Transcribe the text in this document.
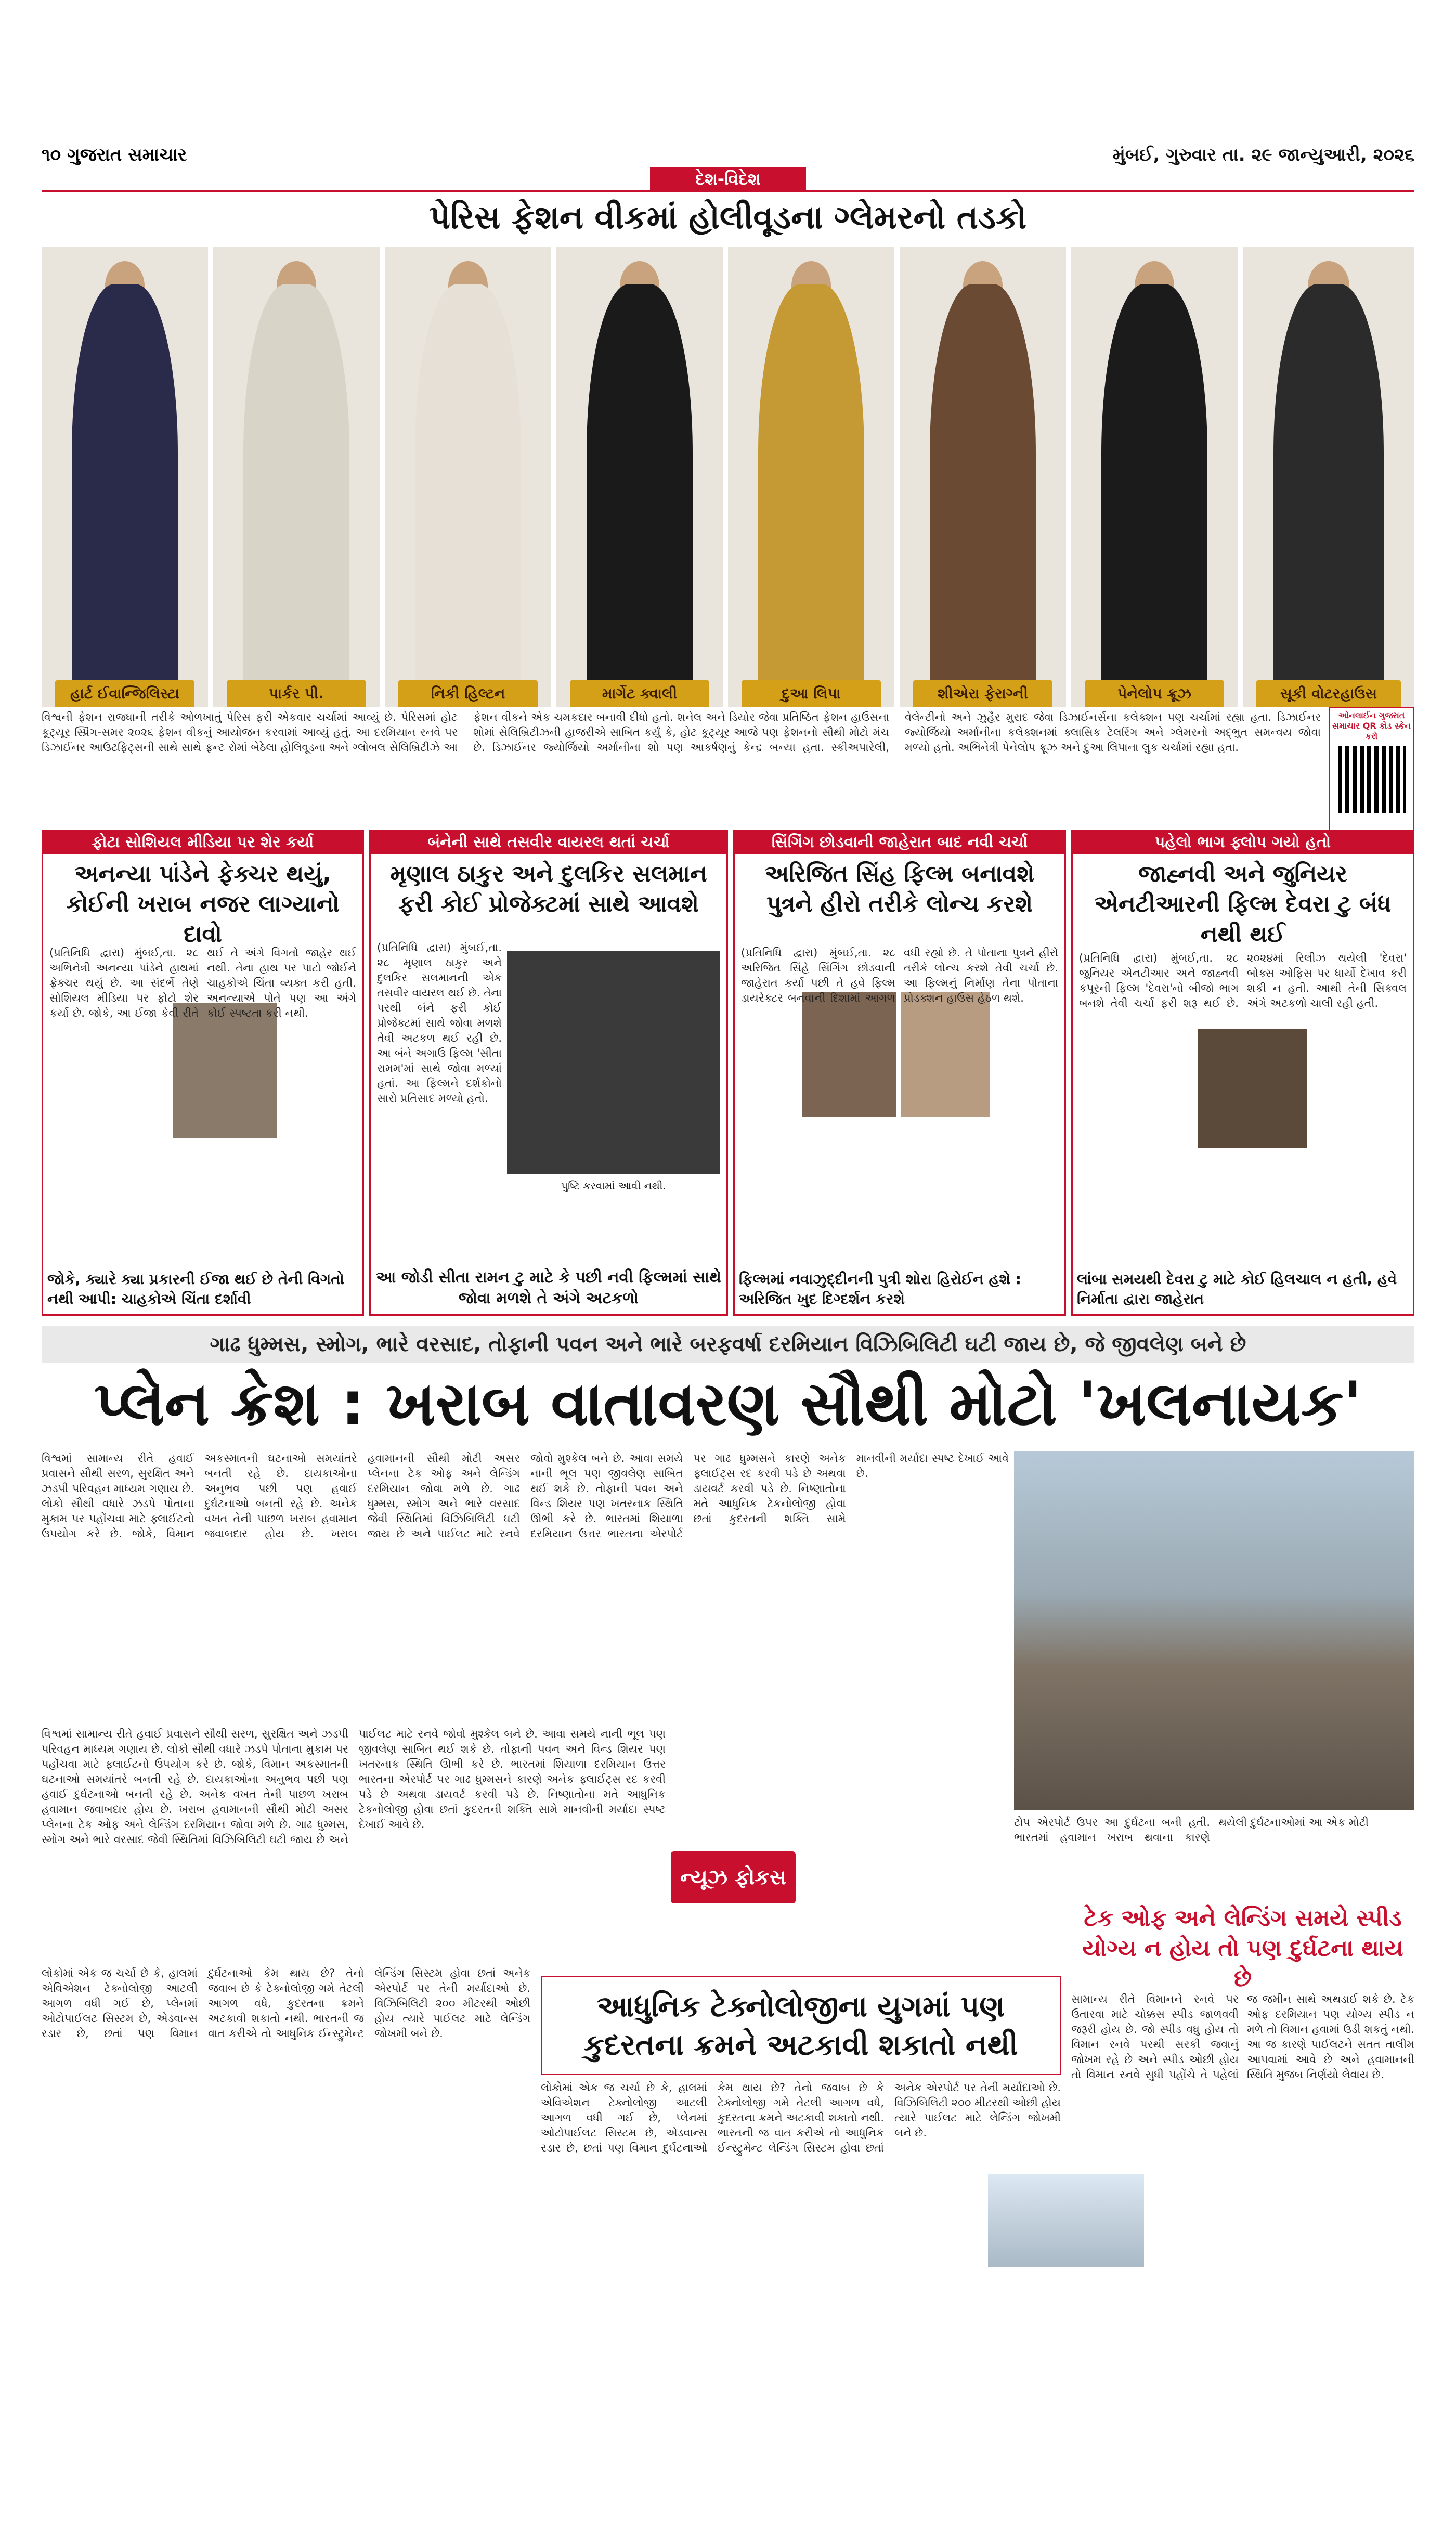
૧૦ ગુજરાત સમાચાર	મુંબઈ, ગુરુવાર તા. ૨૯ જાન્યુઆરી, ૨૦૨૬
દેશ-વિદેશ
પેરિસ ફેશન વીકમાં હોલીવૂડના ગ્લેમરનો તડકો
હાર્ટ ઈવાન્જિલિસ્ટા	પાર્કર પી.	નિકી હિલ્ટન	માર્ગેટ ક્વાલી	દુઆ લિપા	શીએરા ફેરાગ્ની	પેનેલોપ ક્રૂઝ	સૂકી વોટરહાઉસ
વિશ્વની ફેશન રાજધાની તરીકે ઓળખાતું પેરિસ ફરી એકવાર ચર્ચામાં આવ્યું છે. પેરિસમાં હોટ કૂટ્યૂર સ્પ્રિંગ-સમર ૨૦૨૬ ફેશન વીકનું આયોજન કરવામાં આવ્યું હતું. આ દરમિયાન રનવે પર ડિઝાઈનર આઉટફિટ્સની સાથે સાથે ફ્રન્ટ રોમાં બેઠેલા હોલિવૂડના અને ગ્લોબલ સેલિબ્રિટીઝે આ ફેશન વીકને એક ચમકદાર બનાવી દીધો હતો. શનેલ અને ડિયોર જેવા પ્રતિષ્ઠિત ફેશન હાઉસના શોમાં સેલિબ્રિટીઝની હાજરીએ સાબિત કર્યું કે, હોટ કૂટ્યૂર આજે પણ ફેશનનો સૌથી મોટો મંચ છે. ડિઝાઈનર જ્યોર્જિયો અર્માનીના શો પણ આકર્ષણનું કેન્દ્ર બન્યા હતા. સ્કીઅપારેલી, વેલેન્ટીનો અને ઝુહૈર મુરાદ જેવા ડિઝાઈનર્સના કલેક્શન પણ ચર્ચામાં રહ્યા હતા. ડિઝાઈનર જ્યોર્જિયો અર્માનીના કલેક્શનમાં ક્લાસિક ટેલરિંગ અને ગ્લેમરનો અદ્ભુત સમન્વય જોવા મળ્યો હતો. અભિનેત્રી પેનેલોપ ક્રૂઝ અને દુઆ લિપાના લુક ચર્ચામાં રહ્યા હતા.
ઓનલાઈન ગુજરાત સમાચાર QR કોડ સ્કેન કરો
ફોટા સોશિયલ મીડિયા પર શેર કર્યા
અનન્યા પાંડેને ફેક્ચર થયું, કોઈની ખરાબ નજર લાગ્યાનો દાવો
(પ્રતિનિધિ દ્વારા) મુંબઈ,તા. ૨૮ અભિનેત્રી અનન્યા પાંડેને હાથમાં ફ્રેક્ચર થયું છે. આ સંદર્ભે તેણે સોશિયલ મીડિયા પર ફોટો શેર કર્યા છે. જોકે, આ ઈજા કેવી રીતે થઈ તે અંગે વિગતો જાહેર થઈ નથી. તેના હાથ પર પાટો જોઈને ચાહકોએ ચિંતા વ્યક્ત કરી હતી. અનન્યાએ પોતે પણ આ અંગે કોઈ સ્પષ્ટતા કરી નથી.
જોકે, ક્યારે ક્યા પ્રકારની ઈજા થઈ છે તેની વિગતો નથી આપી: ચાહકોએ ચિંતા દર્શાવી
બંનેની સાથે તસવીર વાયરલ થતાં ચર્ચા
મૃણાલ ઠાકુર અને દુલકિર સલમાન ફરી કોઈ પ્રોજેક્ટમાં સાથે આવશે
(પ્રતિનિધિ દ્વારા) મુંબઈ,તા. ૨૮ મૃણાલ ઠાકુર અને દુલકિર સલમાનની એક તસવીર વાયરલ થઈ છે. તેના પરથી બંને ફરી કોઈ પ્રોજેક્ટમાં સાથે જોવા મળશે તેવી અટકળ થઈ રહી છે. આ બંને અગાઉ ફિલ્મ 'સીતા રામમ'માં સાથે જોવા મળ્યાં હતાં. આ ફિલ્મને દર્શકોનો સારો પ્રતિસાદ મળ્યો હતો.
પુષ્ટિ કરવામાં આવી નથી.
આ જોડી સીતા રામન ટુ માટે કે પછી નવી ફિલ્મમાં સાથે જોવા મળશે તે અંગે અટકળો
સિંગિંગ છોડવાની જાહેરાત બાદ નવી ચર્ચા
અરિજિત સિંહ ફિલ્મ બનાવશે પુત્રને હીરો તરીકે લોન્ચ કરશે
(પ્રતિનિધિ દ્વારા) મુંબઈ,તા. ૨૮ અરિજિત સિંહે સિંગિંગ છોડવાની જાહેરાત કર્યા પછી તે હવે ફિલ્મ ડાયરેક્ટર બનવાની દિશામાં આગળ વધી રહ્યો છે. તે પોતાના પુત્રને હીરો તરીકે લોન્ચ કરશે તેવી ચર્ચા છે. આ ફિલ્મનું નિર્માણ તેના પોતાના પ્રોડક્શન હાઉસ હેઠળ થશે.
ફિલ્મમાં નવાઝુદ્દીનની પુત્રી શોરા હિરોઈન હશે : અરિજિત ખુદ દિગ્દર્શન કરશે
પહેલો ભાગ ફ્લોપ ગયો હતો
જાહ્નવી અને જુનિયર એનટીઆરની ફિલ્મ દેવરા ટુ બંધ નથી થઈ
(પ્રતિનિધિ દ્વારા) મુંબઈ,તા. ૨૮ જુનિયર એનટીઆર અને જાહ્નવી કપૂરની ફિલ્મ 'દેવરા'નો બીજો ભાગ બનશે તેવી ચર્ચા ફરી શરૂ થઈ છે. ૨૦૨૪માં રિલીઝ થયેલી 'દેવરા' બોક્સ ઓફિસ પર ધાર્યો દેખાવ કરી શકી ન હતી. આથી તેની સિક્વલ અંગે અટકળો ચાલી રહી હતી.
લાંબા સમયથી દેવરા ટુ માટે કોઈ હિલચાલ ન હતી, હવે નિર્માતા દ્વારા જાહેરાત
ગાઢ ધુમ્મસ, સ્મોગ, ભારે વરસાદ, તોફાની પવન અને ભારે બરફવર્ષા દરમિયાન વિઝિબિલિટી ઘટી જાય છે, જે જીવલેણ બને છે
પ્લેન ક્રેશ : ખરાબ વાતાવરણ સૌથી મોટો 'ખલનાયક'
વિશ્વમાં સામાન્ય રીતે હવાઈ પ્રવાસને સૌથી સરળ, સુરક્ષિત અને ઝડપી પરિવહન માધ્યમ ગણાય છે. લોકો સૌથી વધારે ઝડપે પોતાના મુકામ પર પહોંચવા માટે ફ્લાઈટનો ઉપયોગ કરે છે. જોકે, વિમાન અકસ્માતની ઘટનાઓ સમયાંતરે બનતી રહે છે. દાયકાઓના અનુભવ પછી પણ હવાઈ દુર્ઘટનાઓ બનતી રહે છે. અનેક વખત તેની પાછળ ખરાબ હવામાન જવાબદાર હોય છે. ખરાબ હવામાનની સૌથી મોટી અસર પ્લેનના ટેક ઓફ અને લેન્ડિંગ દરમિયાન જોવા મળે છે. ગાઢ ધુમ્મસ, સ્મોગ અને ભારે વરસાદ જેવી સ્થિતિમાં વિઝિબિલિટી ઘટી જાય છે અને પાઈલટ માટે રનવે જોવો મુશ્કેલ બને છે. આવા સમયે નાની ભૂલ પણ જીવલેણ સાબિત થઈ શકે છે. તોફાની પવન અને વિન્ડ શિયર પણ ખતરનાક સ્થિતિ ઊભી કરે છે. ભારતમાં શિયાળા દરમિયાન ઉત્તર ભારતના એરપોર્ટ પર ગાઢ ધુમ્મસને કારણે અનેક ફ્લાઈટ્સ રદ કરવી પડે છે અથવા ડાયવર્ટ કરવી પડે છે. નિષ્ણાતોના મતે આધુનિક ટેકનોલોજી હોવા છતાં કુદરતની શક્તિ સામે માનવીની મર્યાદા સ્પષ્ટ દેખાઈ આવે છે.
વિશ્વમાં સામાન્ય રીતે હવાઈ પ્રવાસને સૌથી સરળ, સુરક્ષિત અને ઝડપી પરિવહન માધ્યમ ગણાય છે. લોકો સૌથી વધારે ઝડપે પોતાના મુકામ પર પહોંચવા માટે ફ્લાઈટનો ઉપયોગ કરે છે. જોકે, વિમાન અકસ્માતની ઘટનાઓ સમયાંતરે બનતી રહે છે. દાયકાઓના અનુભવ પછી પણ હવાઈ દુર્ઘટનાઓ બનતી રહે છે. અનેક વખત તેની પાછળ ખરાબ હવામાન જવાબદાર હોય છે. ખરાબ હવામાનની સૌથી મોટી અસર પ્લેનના ટેક ઓફ અને લેન્ડિંગ દરમિયાન જોવા મળે છે. ગાઢ ધુમ્મસ, સ્મોગ અને ભારે વરસાદ જેવી સ્થિતિમાં વિઝિબિલિટી ઘટી જાય છે અને પાઈલટ માટે રનવે જોવો મુશ્કેલ બને છે. આવા સમયે નાની ભૂલ પણ જીવલેણ સાબિત થઈ શકે છે. તોફાની પવન અને વિન્ડ શિયર પણ ખતરનાક સ્થિતિ ઊભી કરે છે. ભારતમાં શિયાળા દરમિયાન ઉત્તર ભારતના એરપોર્ટ પર ગાઢ ધુમ્મસને કારણે અનેક ફ્લાઈટ્સ રદ કરવી પડે છે અથવા ડાયવર્ટ કરવી પડે છે. નિષ્ણાતોના મતે આધુનિક ટેકનોલોજી હોવા છતાં કુદરતની શક્તિ સામે માનવીની મર્યાદા સ્પષ્ટ દેખાઈ આવે છે.
ન્યૂઝ ફોકસ
ટોપ એરપોર્ટ ઉપર આ દુર્ઘટના બની હતી. ભારતમાં હવામાન ખરાબ થવાના કારણે થયેલી દુર્ઘટનાઓમાં આ એક મોટી
આધુનિક ટેક્નોલોજીના યુગમાં પણ કુદરતના ક્રમને અટકાવી શકાતો નથી
ટેક ઓફ અને લેન્ડિંગ સમયે સ્પીડ યોગ્ય ન હોય તો પણ દુર્ઘટના થાય છે
લોકોમાં એક જ ચર્ચા છે કે, હાલમાં એવિએશન ટેક્નોલોજી આટલી આગળ વધી ગઈ છે, પ્લેનમાં ઓટોપાઈલટ સિસ્ટમ છે, એડવાન્સ રડાર છે, છતાં પણ વિમાન દુર્ઘટનાઓ કેમ થાય છે? તેનો જવાબ છે કે ટેક્નોલોજી ગમે તેટલી આગળ વધે, કુદરતના ક્રમને અટકાવી શકાતો નથી. ભારતની જ વાત કરીએ તો આધુનિક ઈન્સ્ટ્રુમેન્ટ લેન્ડિંગ સિસ્ટમ હોવા છતાં અનેક એરપોર્ટ પર તેની મર્યાદાઓ છે. વિઝિબિલિટી ૨૦૦ મીટરથી ઓછી હોય ત્યારે પાઈલટ માટે લેન્ડિંગ જોખમી બને છે.
લોકોમાં એક જ ચર્ચા છે કે, હાલમાં એવિએશન ટેક્નોલોજી આટલી આગળ વધી ગઈ છે, પ્લેનમાં ઓટોપાઈલટ સિસ્ટમ છે, એડવાન્સ રડાર છે, છતાં પણ વિમાન દુર્ઘટનાઓ કેમ થાય છે? તેનો જવાબ છે કે ટેક્નોલોજી ગમે તેટલી આગળ વધે, કુદરતના ક્રમને અટકાવી શકાતો નથી. ભારતની જ વાત કરીએ તો આધુનિક ઈન્સ્ટ્રુમેન્ટ લેન્ડિંગ સિસ્ટમ હોવા છતાં અનેક એરપોર્ટ પર તેની મર્યાદાઓ છે. વિઝિબિલિટી ૨૦૦ મીટરથી ઓછી હોય ત્યારે પાઈલટ માટે લેન્ડિંગ જોખમી બને છે.
સામાન્ય રીતે વિમાનને રનવે પર ઉતારવા માટે ચોક્કસ સ્પીડ જાળવવી જરૂરી હોય છે. જો સ્પીડ વધુ હોય તો વિમાન રનવે પરથી સરકી જવાનું જોખમ રહે છે અને સ્પીડ ઓછી હોય તો વિમાન રનવે સુધી પહોંચે તે પહેલાં જ જમીન સાથે અથડાઈ શકે છે. ટેક ઓફ દરમિયાન પણ યોગ્ય સ્પીડ ન મળે તો વિમાન હવામાં ઉડી શકતું નથી. આ જ કારણે પાઈલટને સતત તાલીમ આપવામાં આવે છે અને હવામાનની સ્થિતિ મુજબ નિર્ણયો લેવાય છે.
